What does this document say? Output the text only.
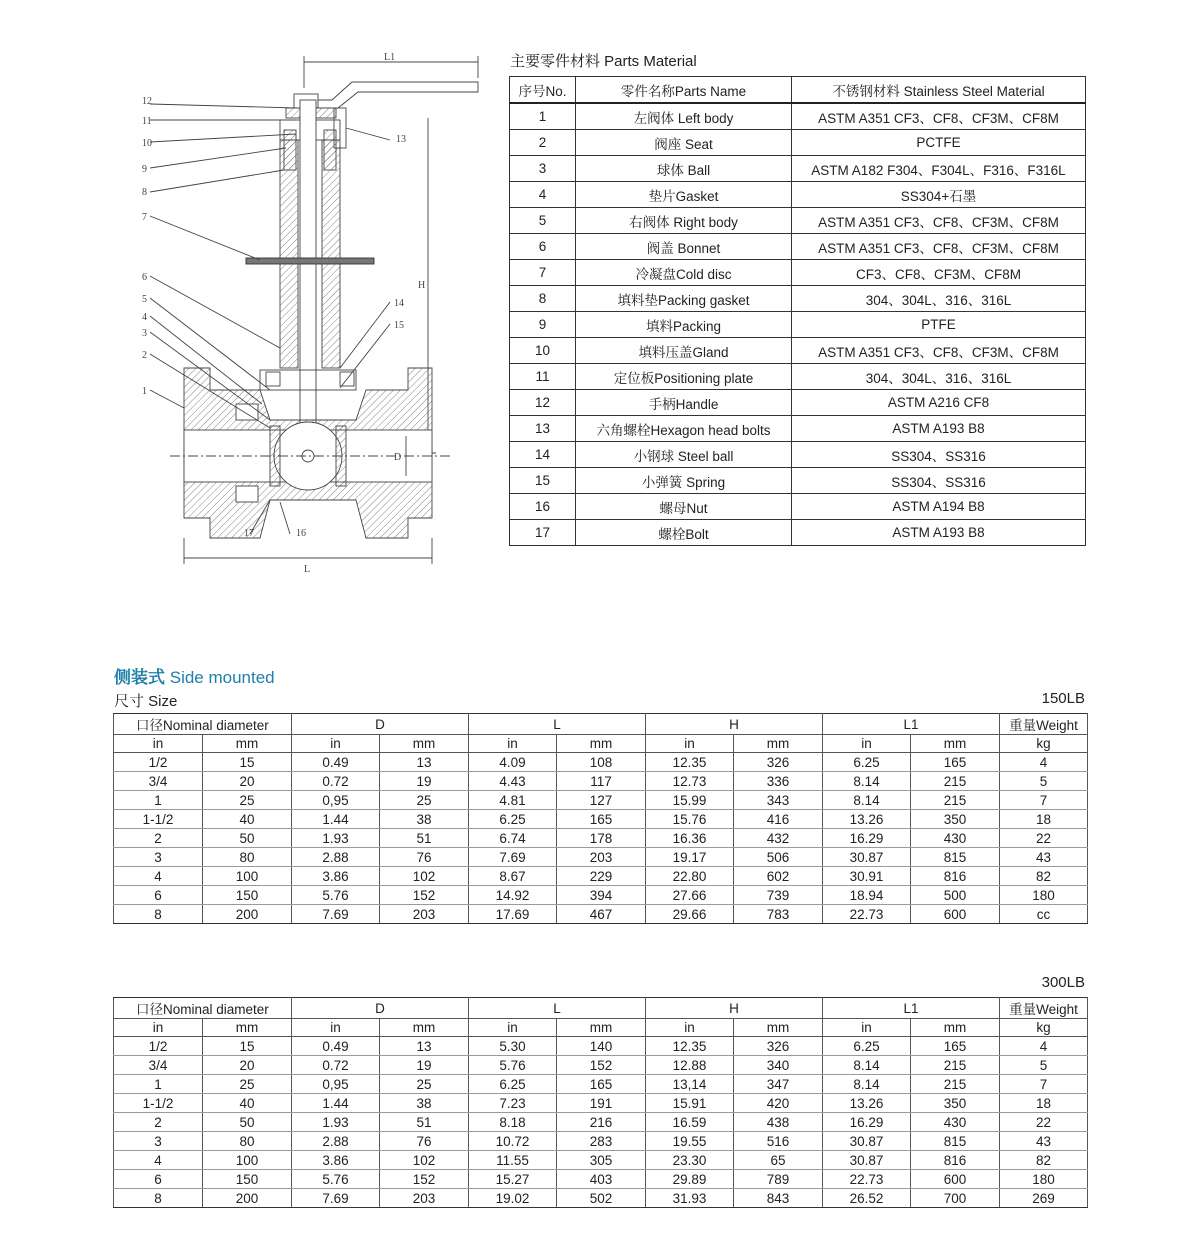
12
11
10
9
8
7
6
5
4
3
2
1
13
14
15
17	16
L1
H
D
L
主要零件材料 Parts Material
序号No.	零件名称Parts Name	不锈钢材料 Stainless Steel Material
1	左阀体 Left body	ASTM A351 CF3、CF8、CF3M、CF8M
2	阀座 Seat	PCTFE
3	球体 Ball	ASTM A182 F304、F304L、F316、F316L
4	垫片Gasket	SS304+石墨
5	右阀体 Right body	ASTM A351 CF3、CF8、CF3M、CF8M
6	阀盖 Bonnet	ASTM A351 CF3、CF8、CF3M、CF8M
7	冷凝盘Cold disc	CF3、CF8、CF3M、CF8M
8	填料垫Packing gasket	304、304L、316、316L
9	填料Packing	PTFE
10	填料压盖Gland	ASTM A351 CF3、CF8、CF3M、CF8M
11	定位板Positioning plate	304、304L、316、316L
12	手柄Handle	ASTM A216 CF8
13	六角螺栓Hexagon head bolts	ASTM A193 B8
14	小钢球 Steel ball	SS304、SS316
15	小弹簧 Spring	SS304、SS316
16	螺母Nut	ASTM A194 B8
17	螺栓Bolt	ASTM A193 B8
侧装式 Side mounted
尺寸 Size	150LB
口径Nominal diameter		D		L		H		L1		重量Weight
in	mm	in	mm	in	mm	in	mm	in	mm	kg
1/2	15	0.49	13	4.09	108	12.35	326	6.25	165	4
3/4	20	0.72	19	4.43	117	12.73	336	8.14	215	5
1	25	0,95	25	4.81	127	15.99	343	8.14	215	7
1-1/2	40	1.44	38	6.25	165	15.76	416	13.26	350	18
2	50	1.93	51	6.74	178	16.36	432	16.29	430	22
3	80	2.88	76	7.69	203	19.17	506	30.87	815	43
4	100	3.86	102	8.67	229	22.80	602	30.91	816	82
6	150	5.76	152	14.92	394	27.66	739	18.94	500	180
8	200	7.69	203	17.69	467	29.66	783	22.73	600	cc
300LB
口径Nominal diameter		D		L		H		L1		重量Weight
in	mm	in	mm	in	mm	in	mm	in	mm	kg
1/2	15	0.49	13	5.30	140	12.35	326	6.25	165	4
3/4	20	0.72	19	5.76	152	12.88	340	8.14	215	5
1	25	0,95	25	6.25	165	13,14	347	8.14	215	7
1-1/2	40	1.44	38	7.23	191	15.91	420	13.26	350	18
2	50	1.93	51	8.18	216	16.59	438	16.29	430	22
3	80	2.88	76	10.72	283	19.55	516	30.87	815	43
4	100	3.86	102	11.55	305	23.30	65	30.87	816	82
6	150	5.76	152	15.27	403	29.89	789	22.73	600	180
8	200	7.69	203	19.02	502	31.93	843	26.52	700	269
